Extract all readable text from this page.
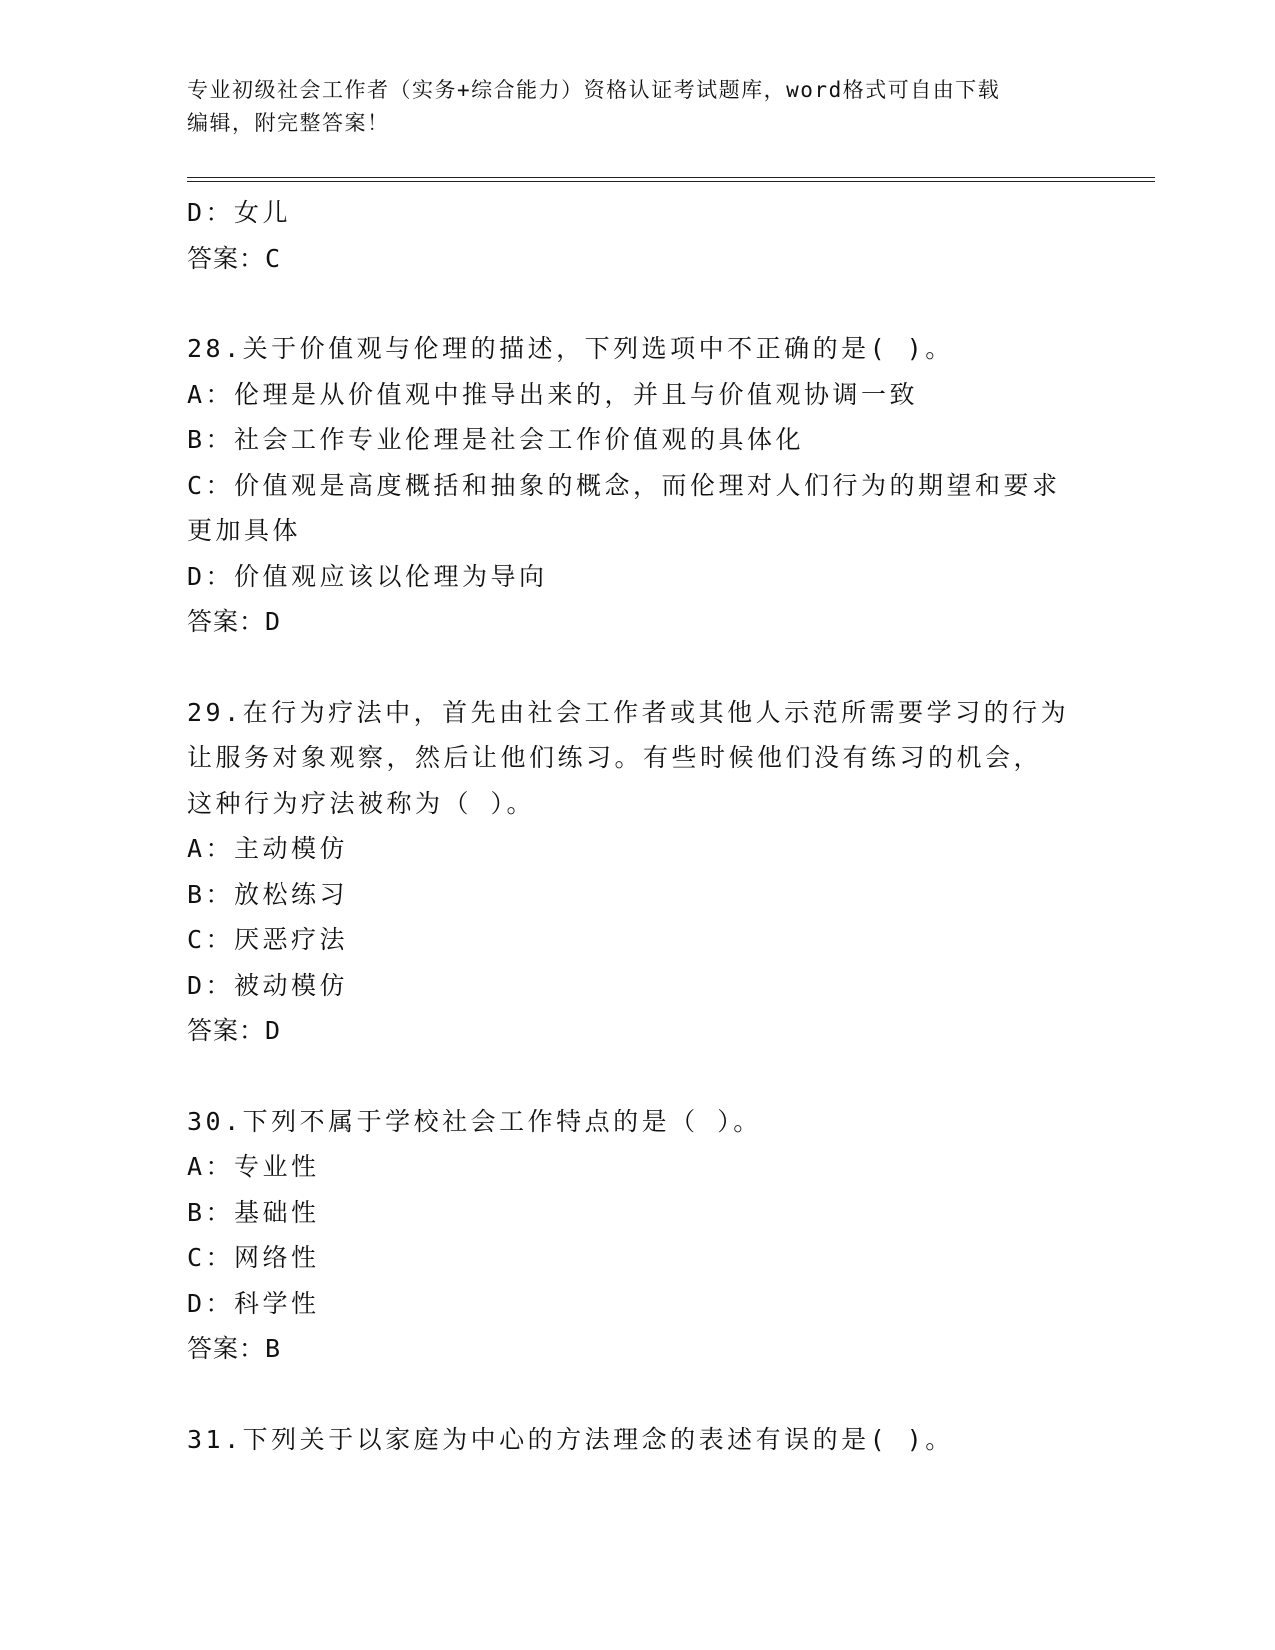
专业初级社会工作者（实务+综合能力）资格认证考试题库，word格式可自由下载
编辑，附完整答案！
D：女儿
答案：C
28.关于价值观与伦理的描述，下列选项中不正确的是( )。
A：伦理是从价值观中推导出来的，并且与价值观协调一致
B：社会工作专业伦理是社会工作价值观的具体化
C：价值观是高度概括和抽象的概念，而伦理对人们行为的期望和要求
更加具体
D：价值观应该以伦理为导向
答案：D
29.在行为疗法中，首先由社会工作者或其他人示范所需要学习的行为
让服务对象观察，然后让他们练习。有些时候他们没有练习的机会，
这种行为疗法被称为（ ）。
A：主动模仿
B：放松练习
C：厌恶疗法
D：被动模仿
答案：D
30.下列不属于学校社会工作特点的是（ ）。
A：专业性
B：基础性
C：网络性
D：科学性
答案：B
31.下列关于以家庭为中心的方法理念的表述有误的是( )。
